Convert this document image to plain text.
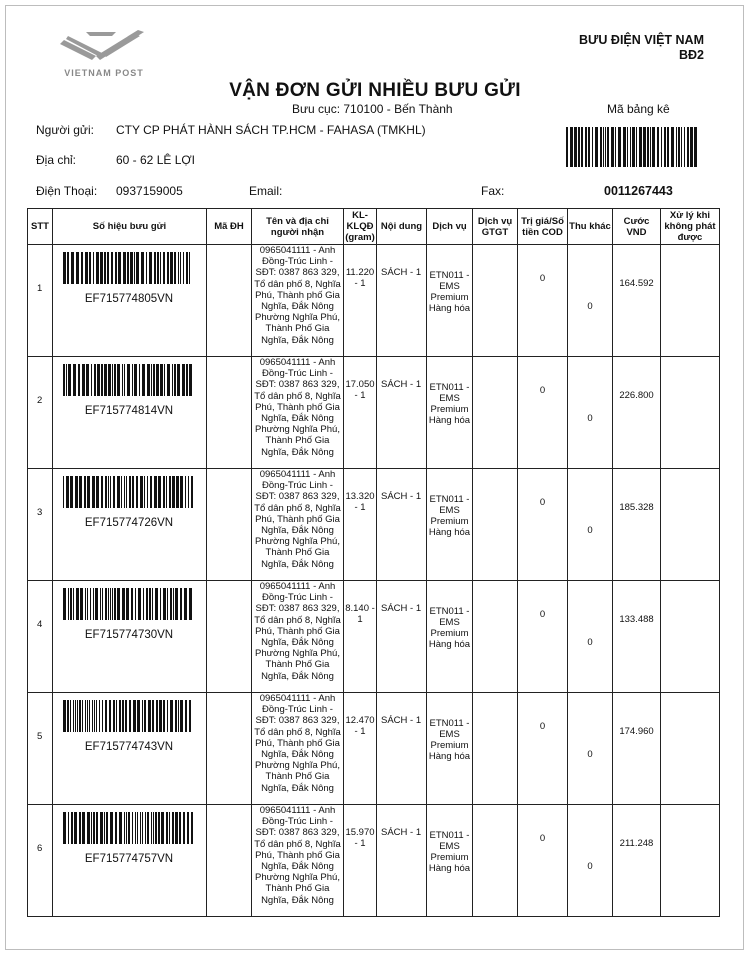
VIETNAM POST
BƯU ĐIỆN VIỆT NAM
BĐ2
VẬN ĐƠN GỬI NHIỀU BƯU GỬI
Bưu cục: 710100 - Bến Thành	Mã bảng kê
Người gửi: CTY CP PHÁT HÀNH SÁCH TP.HCM - FAHASA (TMKHL)
Địa chỉ:	60 - 62 LÊ LỢI
Điện Thoại: 0937159005	Email:	Fax:	0011267443
STT	Số hiệu bưu gửi	Mã ĐH	Tên và địa chỉ người nhận	KL-KLQĐ (gram)	Nội dung	Dịch vụ	Dịch vụ GTGT	Trị giá/Số tiền COD	Thu khác	Cước VND	Xử lý khi không phát được

1	EF715774805VN		0965041111 - Anh Đồng-Trúc Linh - SĐT: 0387 863 329, Tổ dân phố 8, Nghĩa Phú, Thành phố Gia Nghĩa, Đắk Nông Phường Nghĩa Phú, Thành Phố Gia Nghĩa, Đắk Nông	11.220 - 1	SÁCH - 1	ETN011 - EMS Premium Hàng hóa		0	0	164.592	

2	EF715774814VN		0965041111 - Anh Đồng-Trúc Linh - SĐT: 0387 863 329, Tổ dân phố 8, Nghĩa Phú, Thành phố Gia Nghĩa, Đắk Nông Phường Nghĩa Phú, Thành Phố Gia Nghĩa, Đắk Nông	17.050 - 1	SÁCH - 1	ETN011 - EMS Premium Hàng hóa		0	0	226.800	

3	EF715774726VN		0965041111 - Anh Đồng-Trúc Linh - SĐT: 0387 863 329, Tổ dân phố 8, Nghĩa Phú, Thành phố Gia Nghĩa, Đắk Nông Phường Nghĩa Phú, Thành Phố Gia Nghĩa, Đắk Nông	13.320 - 1	SÁCH - 1	ETN011 - EMS Premium Hàng hóa		0	0	185.328	

4	EF715774730VN		0965041111 - Anh Đồng-Trúc Linh - SĐT: 0387 863 329, Tổ dân phố 8, Nghĩa Phú, Thành phố Gia Nghĩa, Đắk Nông Phường Nghĩa Phú, Thành Phố Gia Nghĩa, Đắk Nông	8.140 - 1	SÁCH - 1	ETN011 - EMS Premium Hàng hóa		0	0	133.488	

5	EF715774743VN		0965041111 - Anh Đồng-Trúc Linh - SĐT: 0387 863 329, Tổ dân phố 8, Nghĩa Phú, Thành phố Gia Nghĩa, Đắk Nông Phường Nghĩa Phú, Thành Phố Gia Nghĩa, Đắk Nông	12.470 - 1	SÁCH - 1	ETN011 - EMS Premium Hàng hóa		0	0	174.960	

6	EF715774757VN		0965041111 - Anh Đồng-Trúc Linh - SĐT: 0387 863 329, Tổ dân phố 8, Nghĩa Phú, Thành phố Gia Nghĩa, Đắk Nông Phường Nghĩa Phú, Thành Phố Gia Nghĩa, Đắk Nông	15.970 - 1	SÁCH - 1	ETN011 - EMS Premium Hàng hóa		0	0	211.248	
